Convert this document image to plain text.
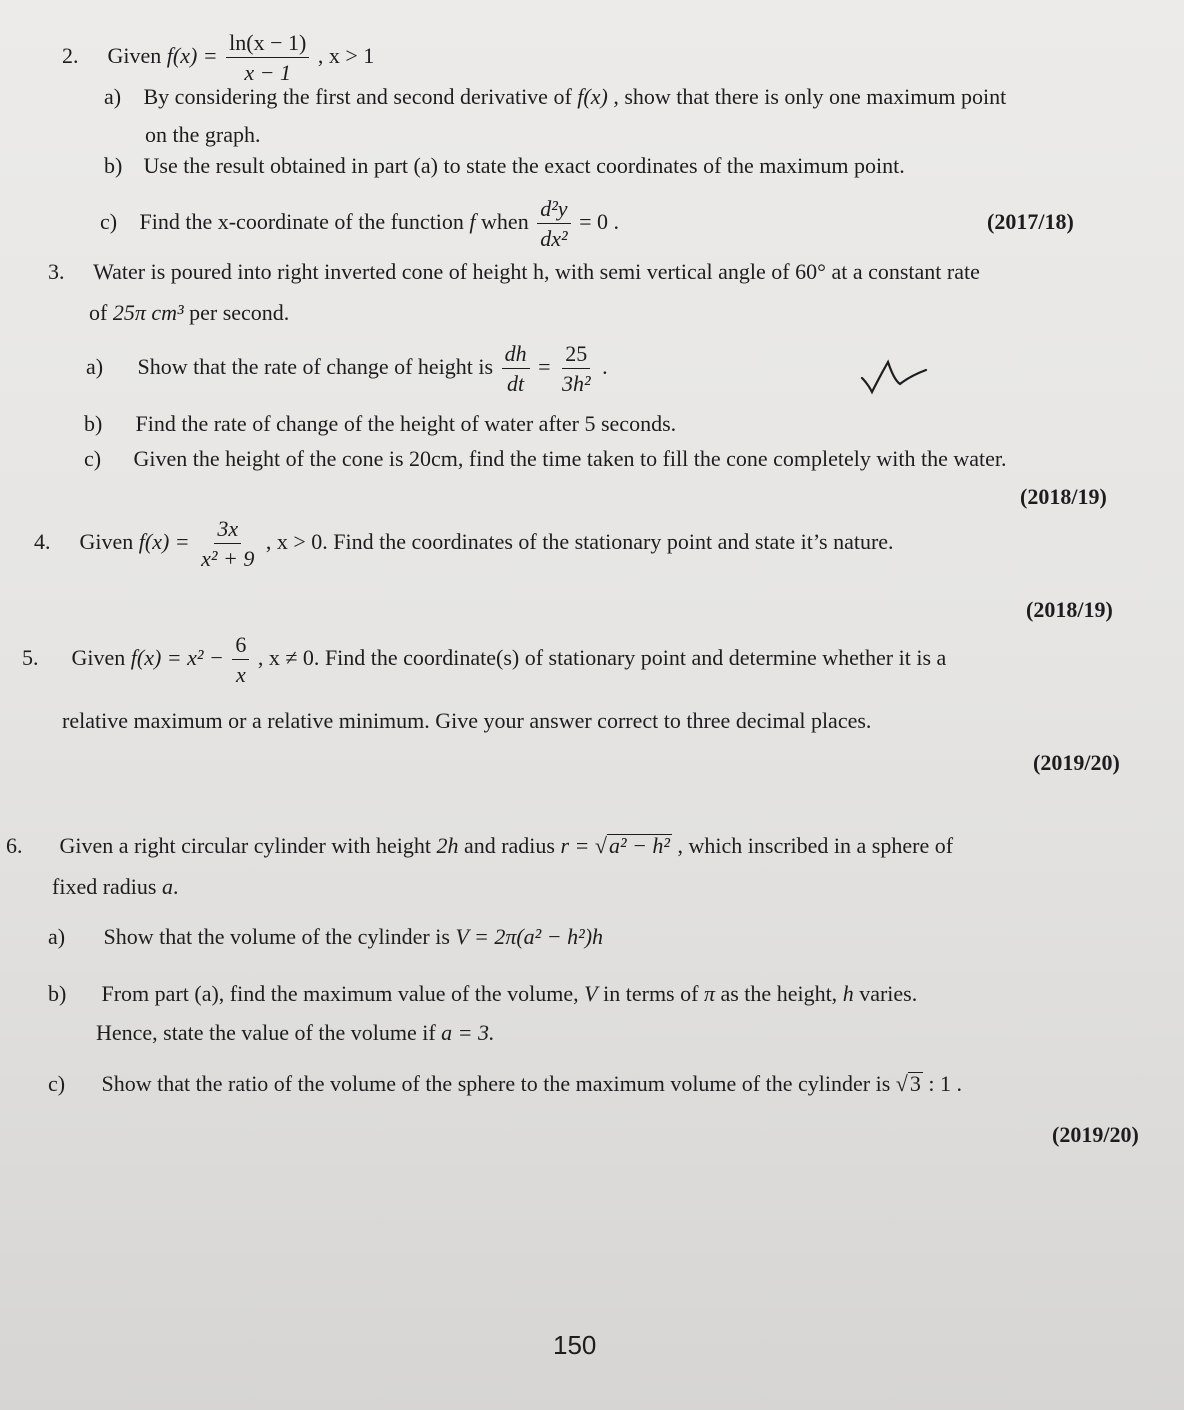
2. Given $f(x) = \frac{\ln(x - 1)}{x - 1}$ , x > 1
a) By considering the first and second derivative of f(x) , show that there is only one maximum point
on the graph.
b) Use the result obtained in part (a) to state the exact coordinates of the maximum point.
c) Find the x-coordinate of the function f when $\frac{\text{d²y}}{\text{dx²}} = 0$ .	(2017/18)
3. Water is poured into right inverted cone of height h, with semi vertical angle of 60° at a constant rate
of 25π cm³ per second.
a) Show that the rate of change of height is $\frac{dh}{dt} = \frac{25}{\text{3h²}}$ .
b) Find the rate of change of the height of water after 5 seconds.
c) Given the height of the cone is 20cm, find the time taken to fill the cone completely with the water.
(2018/19)
4. Given $f(x) = \frac{3x}{\text{x² + 9}}$ , x > 0. Find the coordinates of the stationary point and state it’s nature.
(2018/19)
5. Given $f(x) = x^2 - \frac{6}{x}$ , x ≠ 0. Find the coordinate(s) of stationary point and determine whether it is a
relative maximum or a relative minimum. Give your answer correct to three decimal places.
(2019/20)
6. Given a right circular cylinder with height 2h and radius r = √a² − h² , which inscribed in a sphere of
fixed radius a.
a) Show that the volume of the cylinder is V = 2π(a² − h²)h
b) From part (a), find the maximum value of the volume, V in terms of π as the height, h varies.
Hence, state the value of the volume if a = 3.
c) Show that the ratio of the volume of the sphere to the maximum volume of the cylinder is √3 : 1 .
(2019/20)
150
